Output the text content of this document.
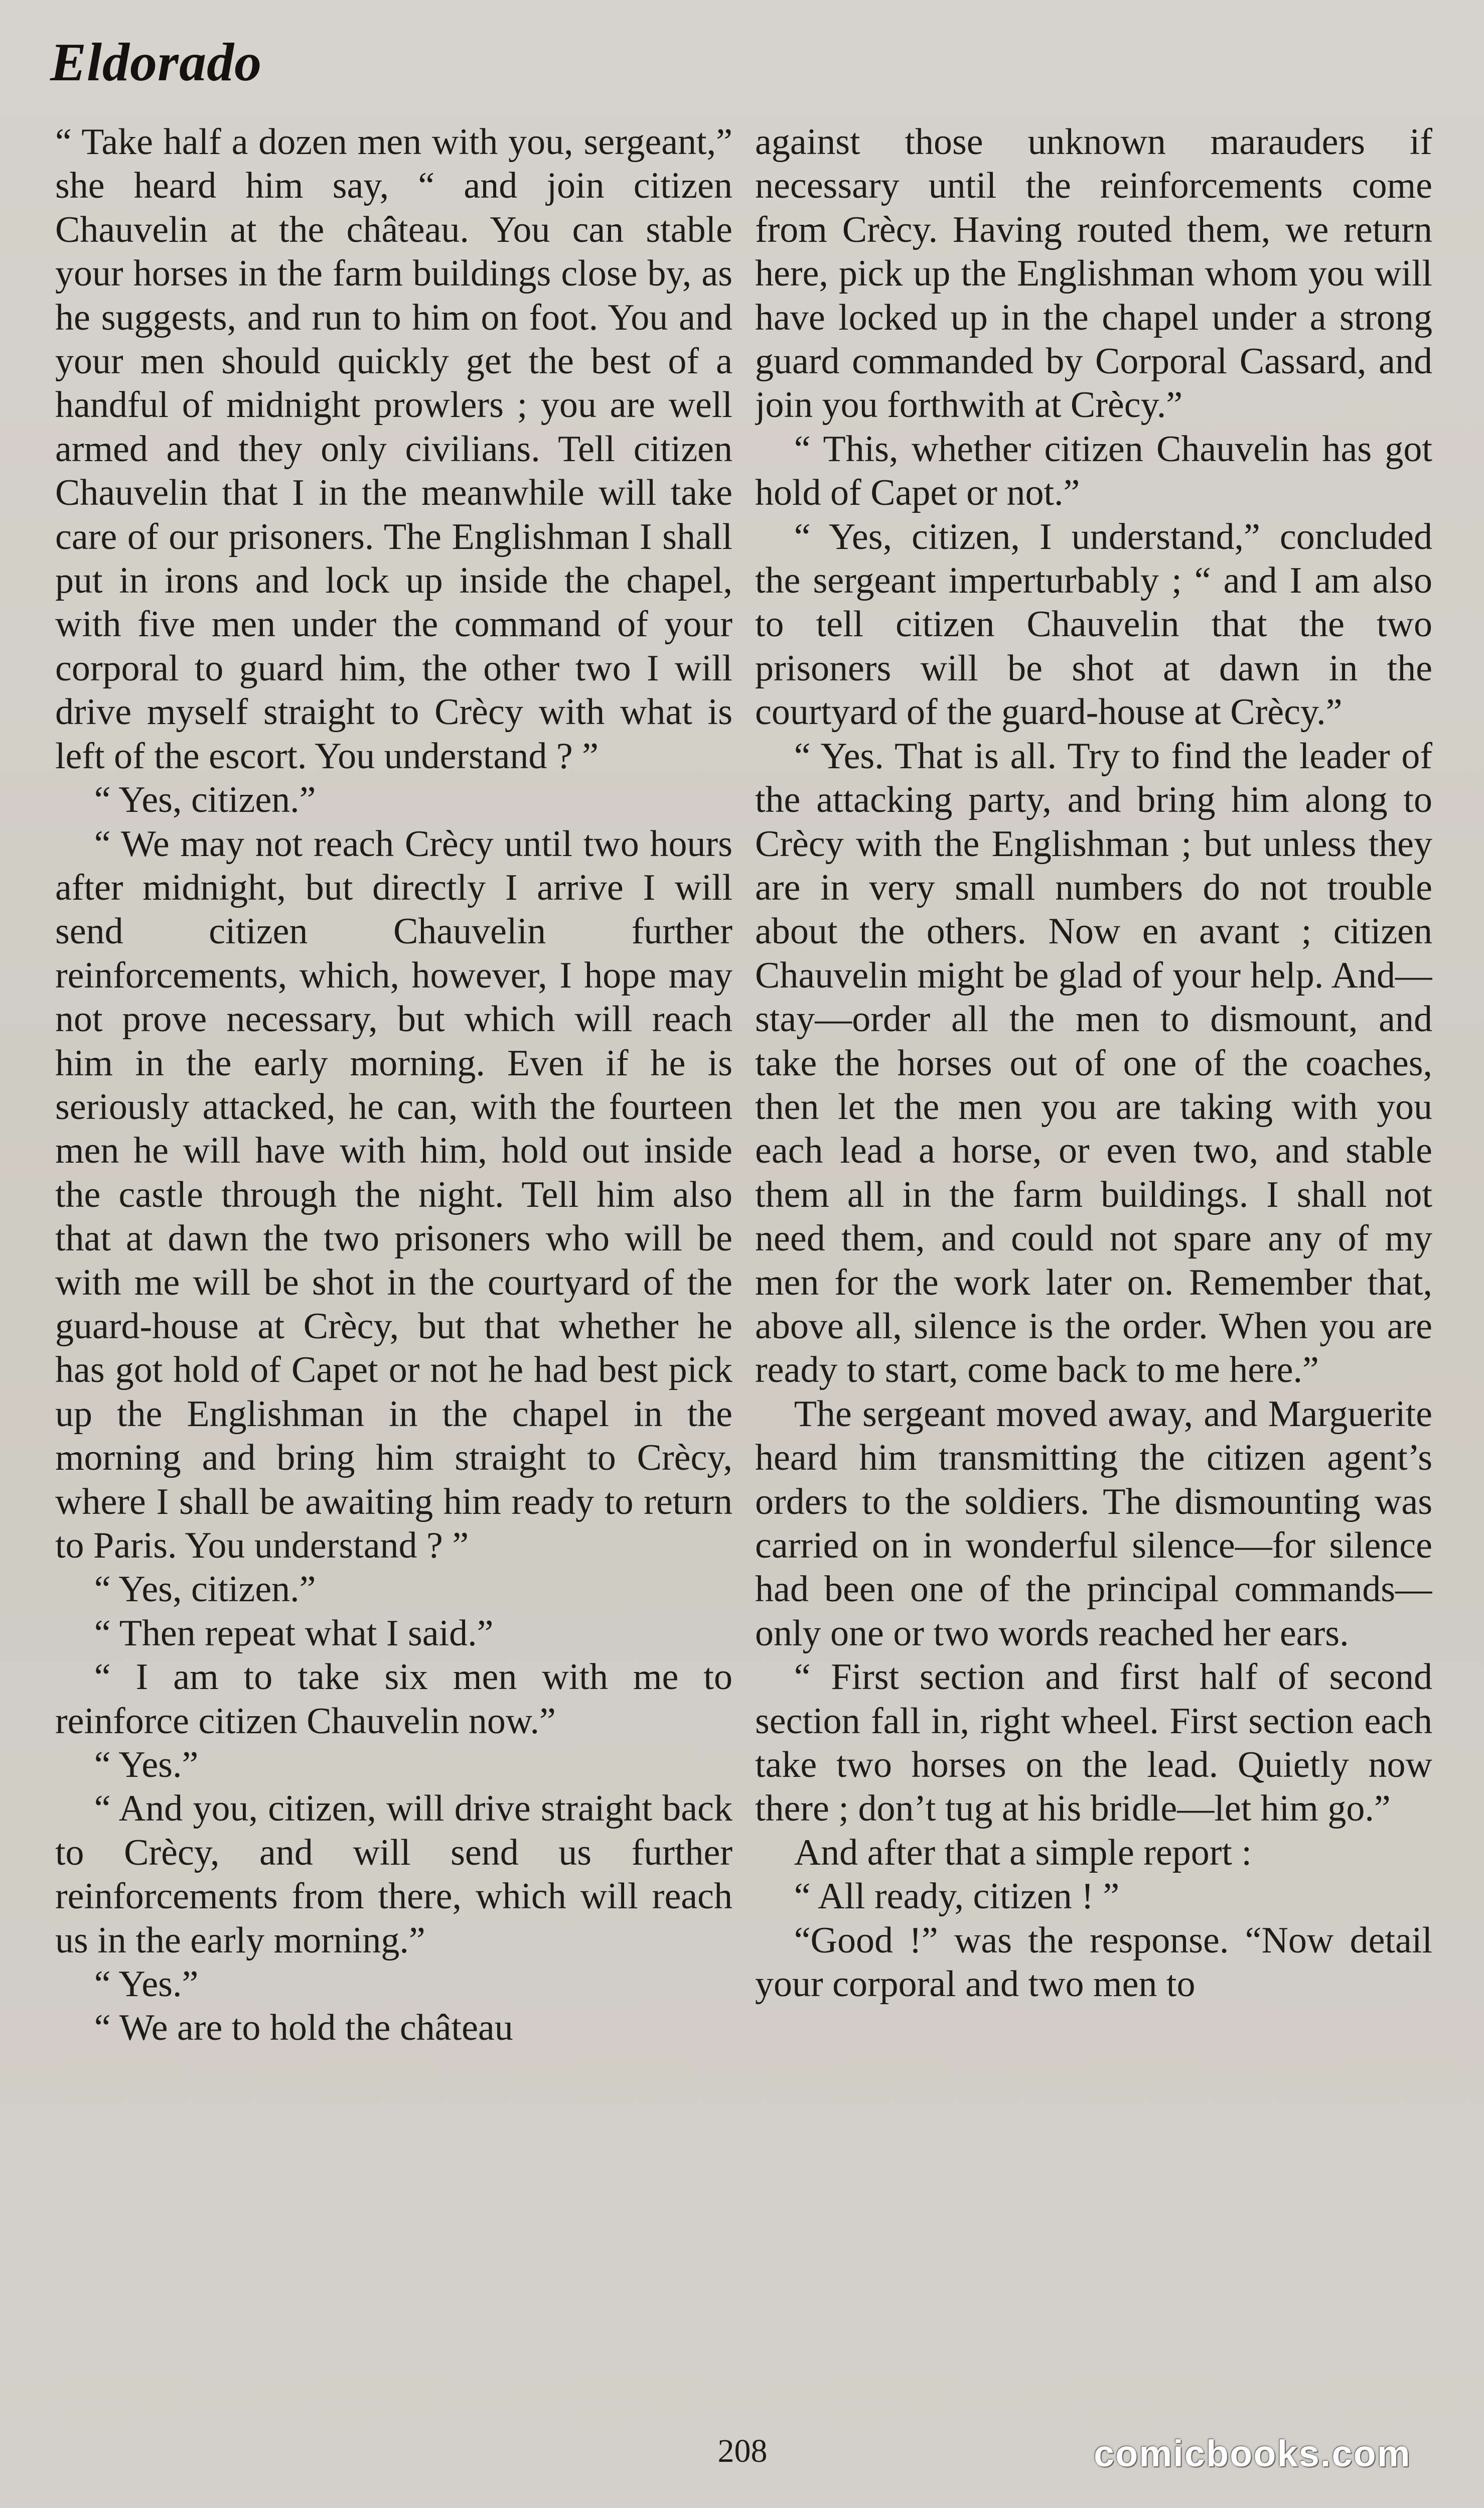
Eldorado

“ Take half a dozen men with you, sergeant,” she heard him say, “ and join citizen Chauvelin at the château. You can stable your horses in the farm buildings close by, as he suggests, and run to him on foot. You and your men should quickly get the best of a handful of midnight prowlers ; you are well armed and they only civilians. Tell citizen Chauvelin that I in the meanwhile will take care of our prisoners. The Englishman I shall put in irons and lock up inside the chapel, with five men under the command of your corporal to guard him, the other two I will drive myself straight to Crècy with what is left of the escort. You understand ? ”

“ Yes, citizen.”

“ We may not reach Crècy until two hours after midnight, but directly I arrive I will send citizen Chauvelin further reinforcements, which, however, I hope may not prove necessary, but which will reach him in the early morning. Even if he is seriously attacked, he can, with the fourteen men he will have with him, hold out inside the castle through the night. Tell him also that at dawn the two prisoners who will be with me will be shot in the courtyard of the guard-house at Crècy, but that whether he has got hold of Capet or not he had best pick up the Englishman in the chapel in the morning and bring him straight to Crècy, where I shall be awaiting him ready to return to Paris. You understand ? ”

“ Yes, citizen.”

“ Then repeat what I said.”

“ I am to take six men with me to reinforce citizen Chauvelin now.”

“ Yes.”

“ And you, citizen, will drive straight back to Crècy, and will send us further reinforcements from there, which will reach us in the early morning.”

“ Yes.”

“ We are to hold the château

against those unknown marauders if necessary until the reinforcements come from Crècy. Having routed them, we return here, pick up the Englishman whom you will have locked up in the chapel under a strong guard commanded by Corporal Cassard, and join you forthwith at Crècy.”

“ This, whether citizen Chauvelin has got hold of Capet or not.”

“ Yes, citizen, I understand,” concluded the sergeant imperturbably ; “ and I am also to tell citizen Chauvelin that the two prisoners will be shot at dawn in the courtyard of the guard-house at Crècy.”

“ Yes. That is all. Try to find the leader of the attacking party, and bring him along to Crècy with the Englishman ; but unless they are in very small numbers do not trouble about the others. Now en avant ; citizen Chauvelin might be glad of your help. And—stay—order all the men to dismount, and take the horses out of one of the coaches, then let the men you are taking with you each lead a horse, or even two, and stable them all in the farm buildings. I shall not need them, and could not spare any of my men for the work later on. Remember that, above all, silence is the order. When you are ready to start, come back to me here.”

The sergeant moved away, and Marguerite heard him transmitting the citizen agent’s orders to the soldiers. The dismounting was carried on in wonderful silence—for silence had been one of the principal commands—only one or two words reached her ears.

“ First section and first half of second section fall in, right wheel. First section each take two horses on the lead. Quietly now there ; don’t tug at his bridle—let him go.”

And after that a simple report :

“ All ready, citizen ! ”

“Good !” was the response. “Now detail your corporal and two men to

208	comicbooks.com
